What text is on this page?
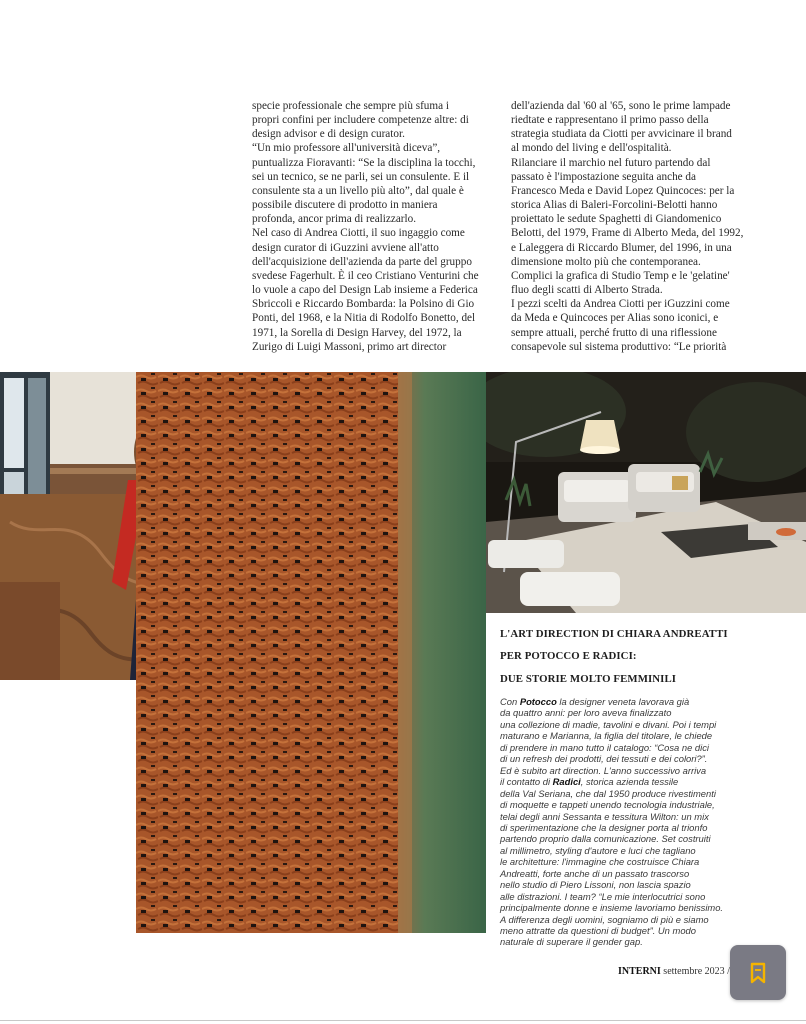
specie professionale che sempre più sfuma i

propri confini per includere competenze altre: di

design advisor e di design curator.

“Un mio professore all'università diceva”,

puntualizza Fioravanti: “Se la disciplina la tocchi,

sei un tecnico, se ne parli, sei un consulente. E il

consulente sta a un livello più alto”, dal quale è

possibile discutere di prodotto in maniera

profonda, ancor prima di realizzarlo.

Nel caso di Andrea Ciotti, il suo ingaggio come

design curator di iGuzzini avviene all'atto

dell'acquisizione dell'azienda da parte del gruppo

svedese Fagerhult. È il ceo Cristiano Venturini che

lo vuole a capo del Design Lab insieme a Federica

Sbriccoli e Riccardo Bombarda: la Polsino di Gio

Ponti, del 1968, e la Nitia di Rodolfo Bonetto, del

1971, la Sorella di Design Harvey, del 1972, la

Zurigo di Luigi Massoni, primo art director

dell'azienda dal '60 al '65, sono le prime lampade

riedtate e rappresentano il primo passo della

strategia studiata da Ciotti per avvicinare il brand

al mondo del living e dell'ospitalità.

Rilanciare il marchio nel futuro partendo dal

passato è l'impostazione seguita anche da

Francesco Meda e David Lopez Quincoces: per la

storica Alias di Baleri-Forcolini-Belotti hanno

proiettato le sedute Spaghetti di Giandomenico

Belotti, del 1979, Frame di Alberto Meda, del 1992,

e Laleggera di Riccardo Blumer, del 1996, in una

dimensione molto più che contemporanea.

Complici la grafica di Studio Temp e le 'gelatine'

fluo degli scatti di Alberto Strada.

I pezzi scelti da Andrea Ciotti per iGuzzini come

da Meda e Quincoces per Alias sono iconici, e

sempre attuali, perché frutto di una riflessione

consapevole sul sistema produttivo: “Le priorità

L'ART DIRECTION DI CHIARA ANDREATTI

PER POTOCCO E RADICI:

DUE STORIE MOLTO FEMMINILI

Con Potocco la designer veneta lavorava già

da quattro anni: per loro aveva finalizzato

una collezione di madie, tavolini e divani. Poi i tempi

maturano e Marianna, la figlia del titolare, le chiede

di prendere in mano tutto il catalogo: “Cosa ne dici

di un refresh dei prodotti, dei tessuti e dei colori?”.

Ed è subito art direction. L'anno successivo arriva

il contatto di Radici, storica azienda tessile

della Val Seriana, che dal 1950 produce rivestimenti

di moquette e tappeti unendo tecnologia industriale,

telai degli anni Sessanta e tessitura Wilton: un mix

di sperimentazione che la designer porta al trionfo

partendo proprio dalla comunicazione. Set costruiti

al millimetro, styling d'autore e luci che tagliano

le architetture: l'immagine che costruisce Chiara

Andreatti, forte anche di un passato trascorso

nello studio di Piero Lissoni, non lascia spazio

alle distrazioni. I team? “Le mie interlocutrici sono

principalmente donne e insieme lavoriamo benissimo.

A differenza degli uomini, sogniamo di più e siamo

meno attratte da questioni di budget”. Un modo

naturale di superare il gender gap.

INTERNI settembre 2023 /
